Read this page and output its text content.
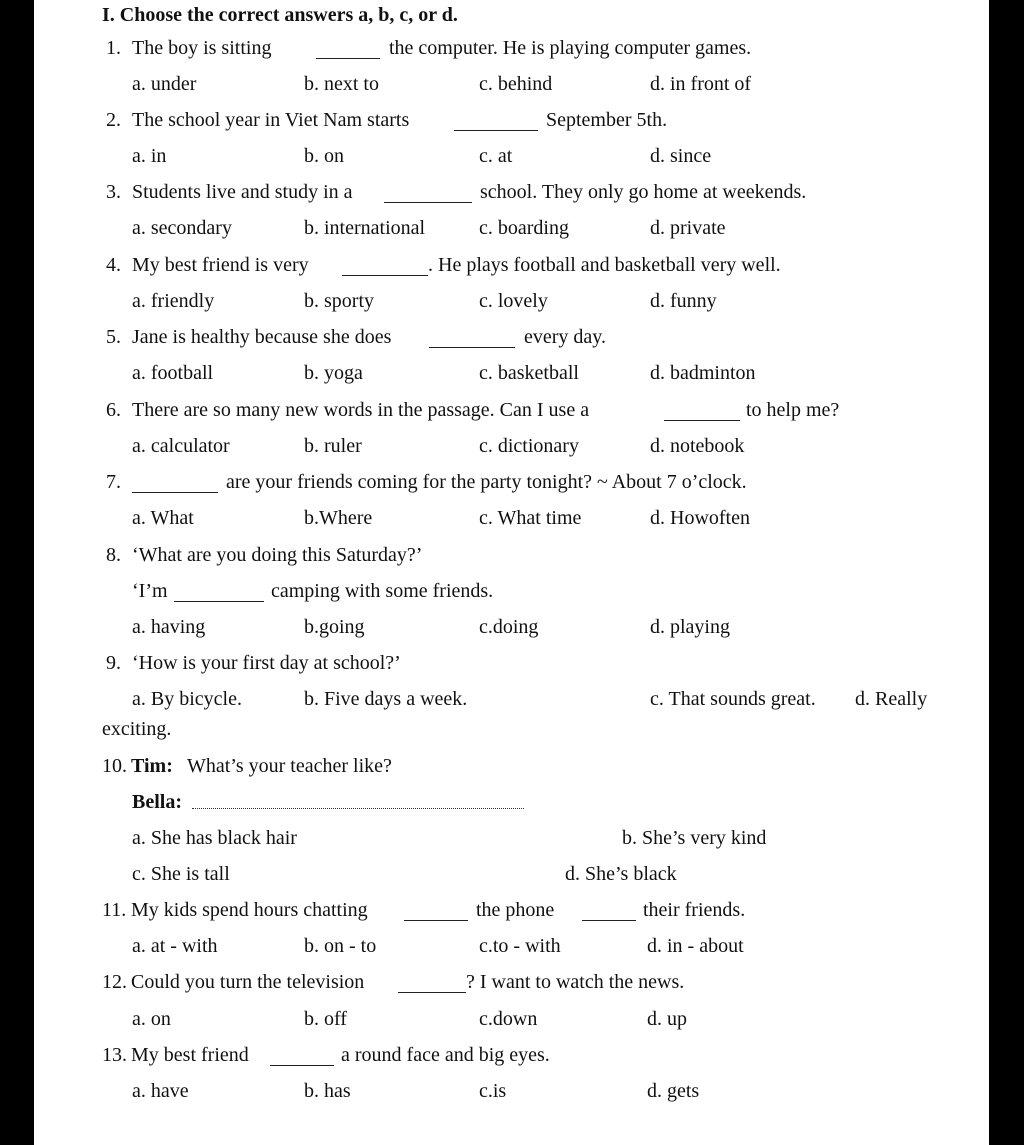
I. Choose the correct answers a, b, c, or d.
1. The boy is sitting	the computer. He is playing computer games.
a. under	b. next to	c. behind	d. in front of
2. The school year in Viet Nam starts	September 5th.
a. in	b. on	c. at	d. since
3. Students live and study in a	school. They only go home at weekends.
a. secondary	b. international	c. boarding	d. private
4. My best friend is very	. He plays football and basketball very well.
a. friendly	b. sporty	c. lovely	d. funny
5. Jane is healthy because she does	every day.
a. football	b. yoga	c. basketball	d. badminton
6. There are so many new words in the passage. Can I use a	to help me?
a. calculator	b. ruler	c. dictionary	d. notebook
7.	are your friends coming for the party tonight? ~ About 7 o’clock.
a. What	b.Where	c. What time	d. Howoften
8. ‘What are you doing this Saturday?’
‘I’m	camping with some friends.
a. having	b.going	c.doing	d. playing
9. ‘How is your first day at school?’
a. By bicycle.	b. Five days a week.	c. That sounds great. d. Really
exciting.
10. Tim: What’s your teacher like?
Bella:
a. She has black hair	b. She’s very kind
c. She is tall	d. She’s black
11. My kids spend hours chatting	the phone	their friends.
a. at - with	b. on - to	c.to - with	d. in - about
12. Could you turn the television	? I want to watch the news.
a. on	b. off	c.down	d. up
13. My best friend	a round face and big eyes.
a. have	b. has	c.is	d. gets
